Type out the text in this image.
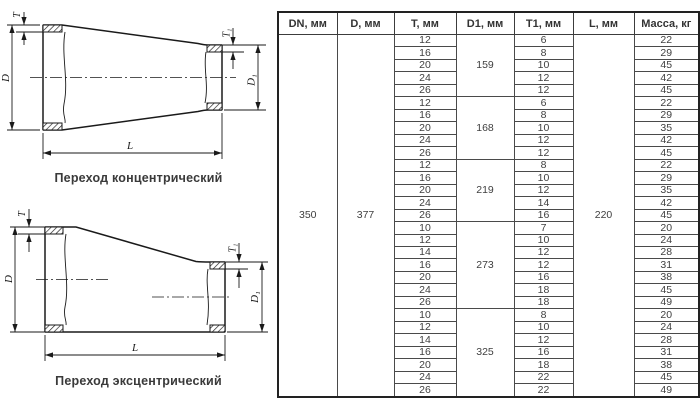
D
T
T₁
D₁
L
Переход концентрический
T
D
T₁
D₁
L
Переход эксцентрический
DN, мм	D, мм	T, мм	D1, мм	T1, мм	L, мм	Масса, кг
350	377	12	159	6	220	22
		16		8		29
		20		10		45
		24		12		42
		26		12		45
		12	168	6		22
		16		8		29
		20		10		35
		24		12		42
		26		12		45
		12	219	8		22
		16		10		29
		20		12		35
		24		14		42
		26		16		45
		10	273	7		20
		12		10		24
		14		12		28
		16		12		31
		20		16		38
		24		18		45
		26		18		49
		10	325	8		20
		12		10		24
		14		12		28
		16		16		31
		20		18		38
		24		22		45
		26		22		49
